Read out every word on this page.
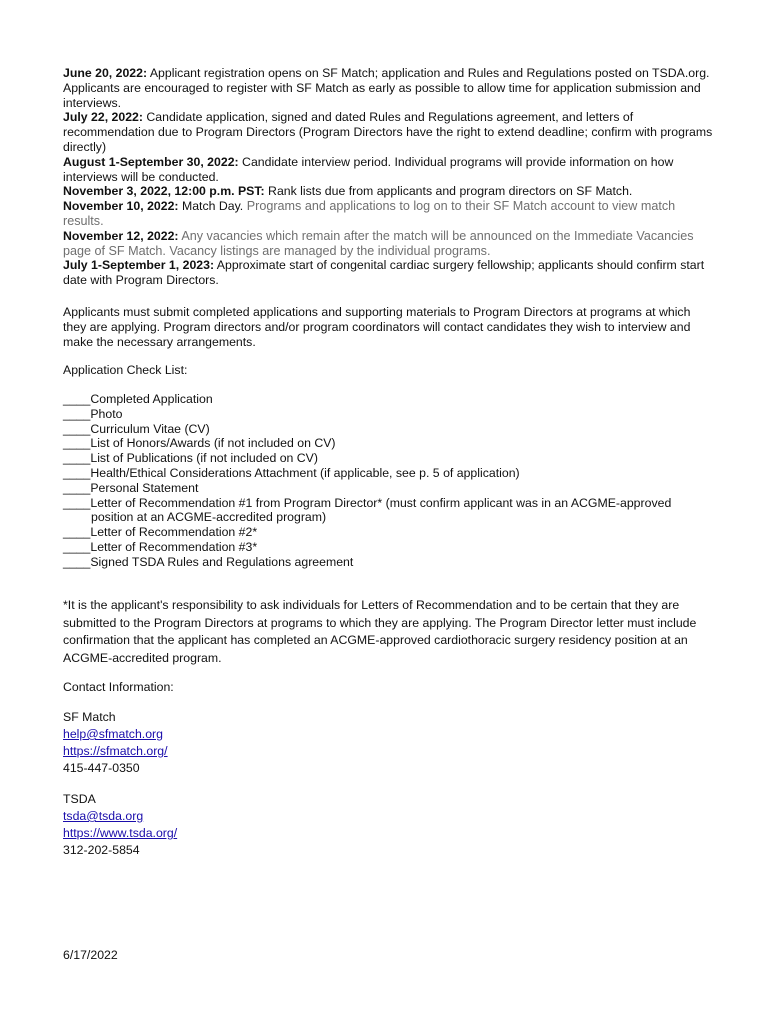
June 20, 2022: Applicant registration opens on SF Match; application and Rules and Regulations posted on TSDA.org. Applicants are encouraged to register with SF Match as early as possible to allow time for application submission and interviews.
July 22, 2022: Candidate application, signed and dated Rules and Regulations agreement, and letters of recommendation due to Program Directors (Program Directors have the right to extend deadline; confirm with programs directly)
August 1-September 30, 2022: Candidate interview period. Individual programs will provide information on how interviews will be conducted.
November 3, 2022, 12:00 p.m. PST: Rank lists due from applicants and program directors on SF Match.
November 10, 2022: Match Day. Programs and applications to log on to their SF Match account to view match results.
November 12, 2022: Any vacancies which remain after the match will be announced on the Immediate Vacancies page of SF Match. Vacancy listings are managed by the individual programs.
July 1-September 1, 2023: Approximate start of congenital cardiac surgery fellowship; applicants should confirm start date with Program Directors.
Applicants must submit completed applications and supporting materials to Program Directors at programs at which they are applying. Program directors and/or program coordinators will contact candidates they wish to interview and make the necessary arrangements.
Application Check List:
____Completed Application
____Photo
____Curriculum Vitae (CV)
____List of Honors/Awards (if not included on CV)
____List of Publications (if not included on CV)
____Health/Ethical Considerations Attachment (if applicable, see p. 5 of application)
____Personal Statement
____Letter of Recommendation #1 from Program Director* (must confirm applicant was in an ACGME-approved
position at an ACGME-accredited program)
____Letter of Recommendation #2*
____Letter of Recommendation #3*
____Signed TSDA Rules and Regulations agreement
*It is the applicant's responsibility to ask individuals for Letters of Recommendation and to be certain that they are submitted to the Program Directors at programs to which they are applying. The Program Director letter must include confirmation that the applicant has completed an ACGME-approved cardiothoracic surgery residency position at an ACGME-accredited program.
Contact Information:
SF Match
help@sfmatch.org
https://sfmatch.org/
415-447-0350
TSDA
tsda@tsda.org
https://www.tsda.org/
312-202-5854
6/17/2022
